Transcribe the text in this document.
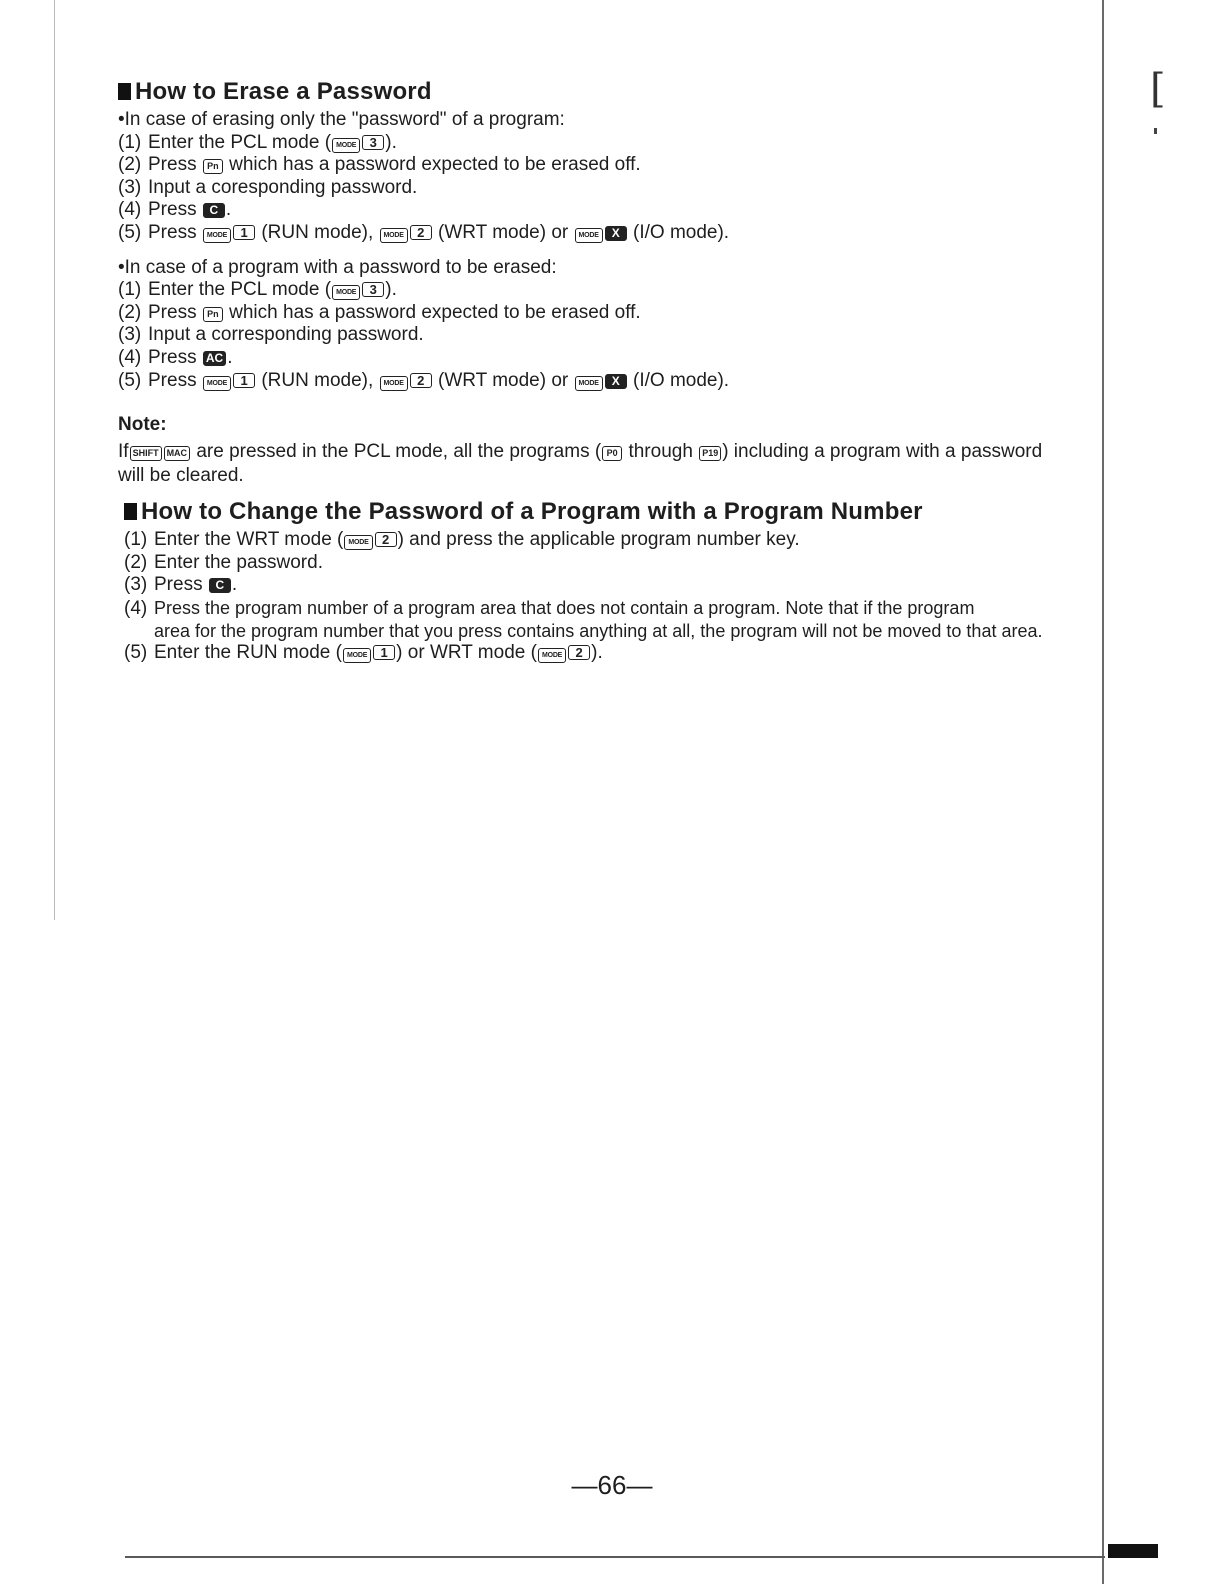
[
How to Erase a Password
•In case of erasing only the "password" of a program:
(1) Enter the PCL mode ( MODE 3 ).
(2) Press Pn which has a password expected to be erased off.
(3) Input a coresponding password.
(4) Press C .
(5) Press MODE 1 (RUN mode), MODE 2 (WRT mode) or MODE X (I/O mode).
•In case of a program with a password to be erased:
(1) Enter the PCL mode ( MODE 3 ).
(2) Press Pn which has a password expected to be erased off.
(3) Input a corresponding password.
(4) Press AC .
(5) Press MODE 1 (RUN mode), MODE 2 (WRT mode) or MODE X (I/O mode).
Note:
If SHIFT MAC are pressed in the PCL mode, all the programs ( P0 through P19 ) including a program with a password will be cleared.
How to Change the Password of a Program with a Program Number
(1) Enter the WRT mode ( MODE 2 ) and press the applicable program number key.
(2) Enter the password.
(3) Press C .
(4) Press the program number of a program area that does not contain a program. Note that if the program
area for the program number that you press contains anything at all, the program will not be moved to that area.
(5) Enter the RUN mode ( MODE 1 ) or WRT mode ( MODE 2 ).
—66—
